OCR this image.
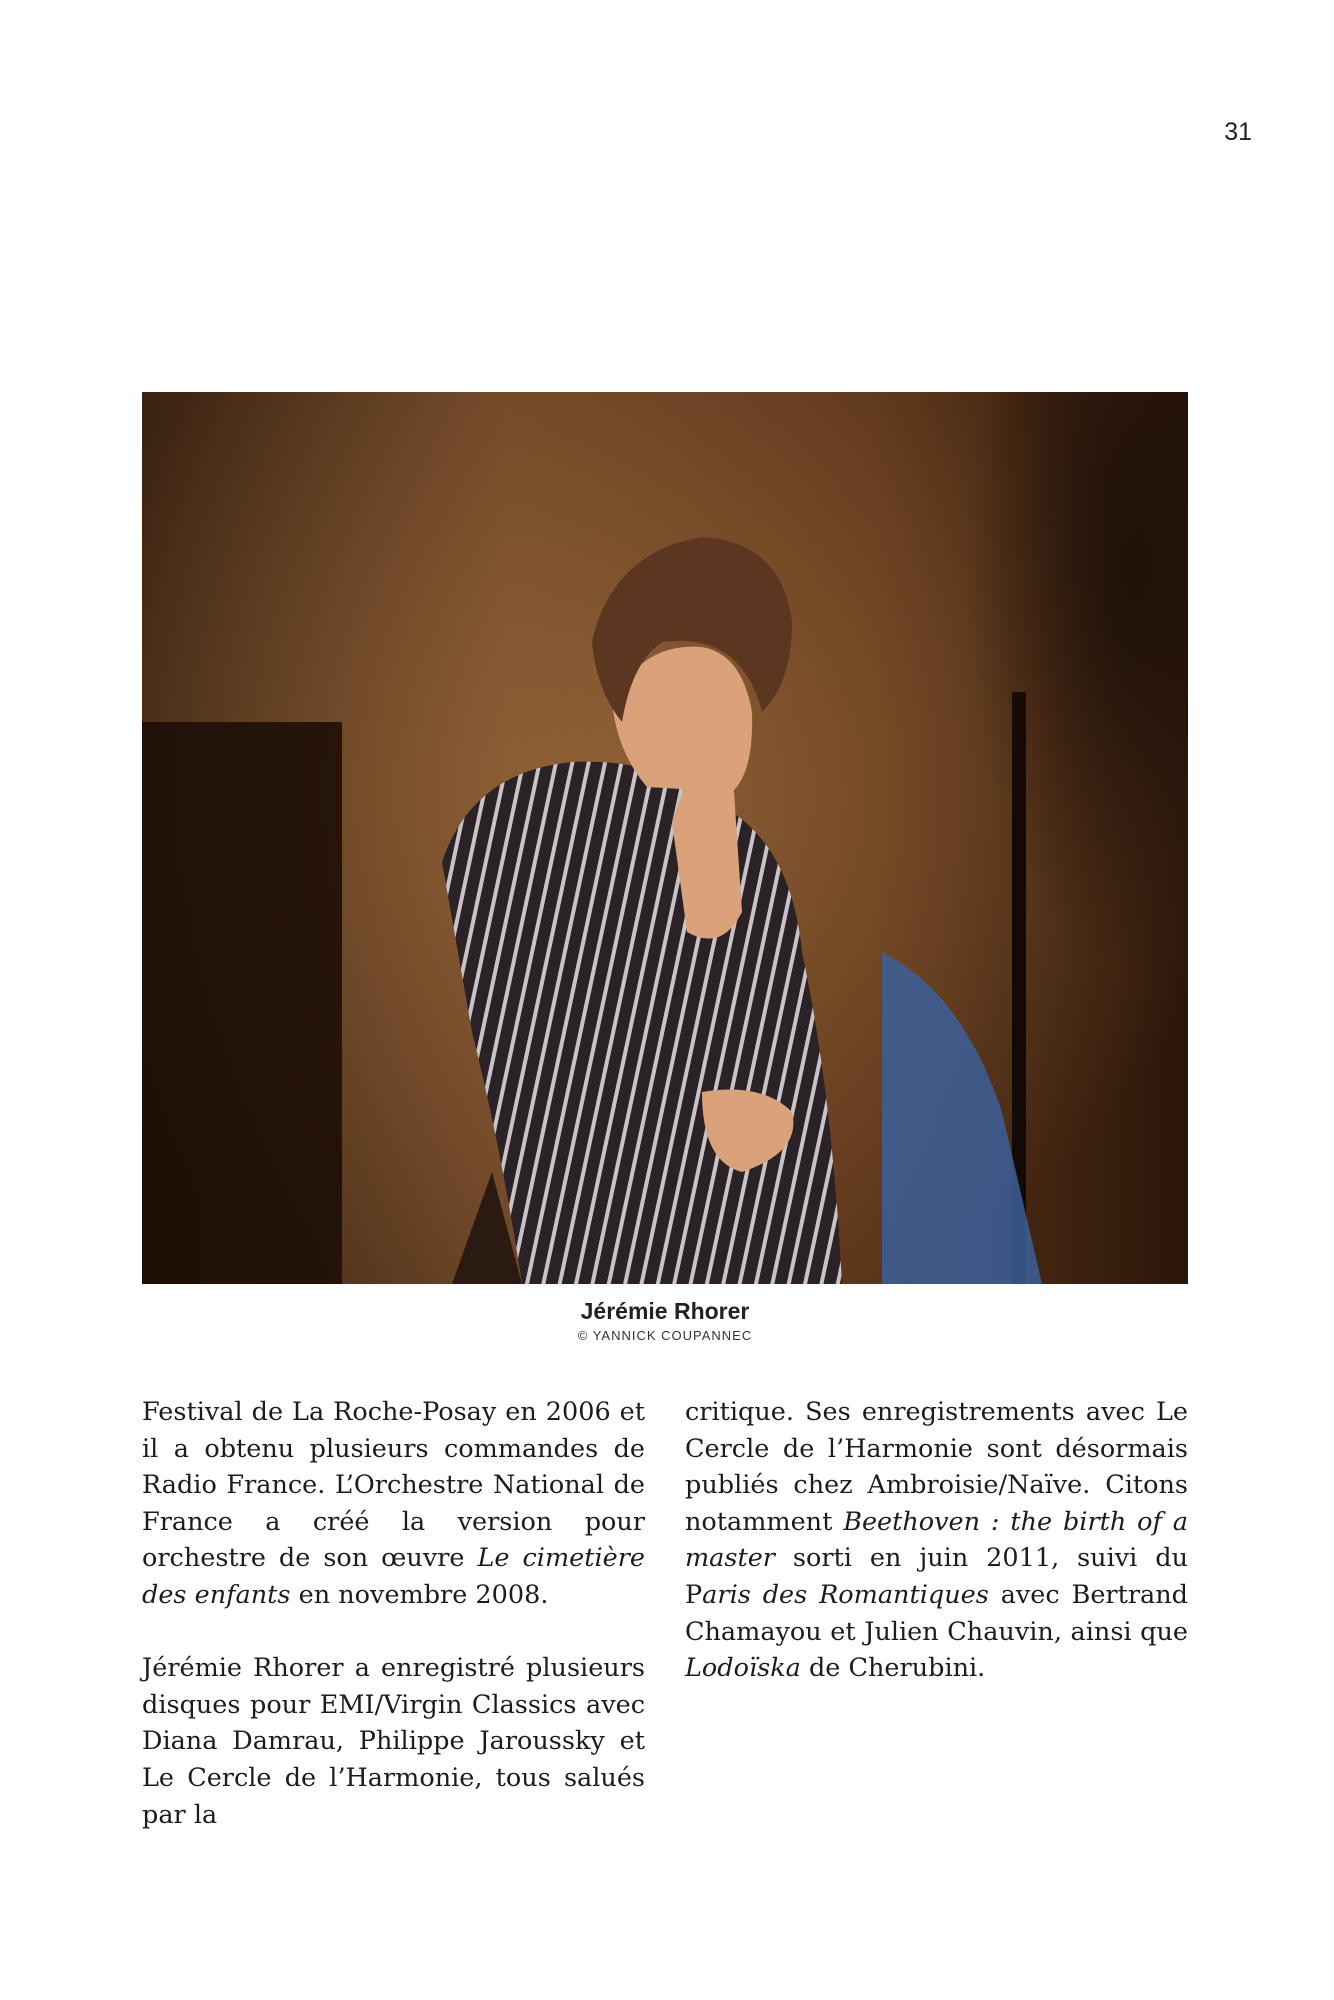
31
Jérémie Rhorer
© YANNICK COUPANNEC

Festival de La Roche-Posay en 2006 et il a obtenu plusieurs commandes de Radio France. L’Orchestre National de France a créé la version pour orchestre de son œuvre Le cimetière des enfants en novembre 2008.

Jérémie Rhorer a enregistré plusieurs disques pour EMI/Virgin Classics avec Diana Damrau, Philippe Jaroussky et Le Cercle de l’Harmonie, tous salués par la

critique. Ses enregistrements avec Le Cercle de l’Harmonie sont désormais publiés chez Ambroisie/Naïve. Citons notamment Beethoven : the birth of a master sorti en juin 2011, suivi du Paris des Romantiques avec Bertrand Chamayou et Julien Chauvin, ainsi que Lodoïska de Cherubini.
